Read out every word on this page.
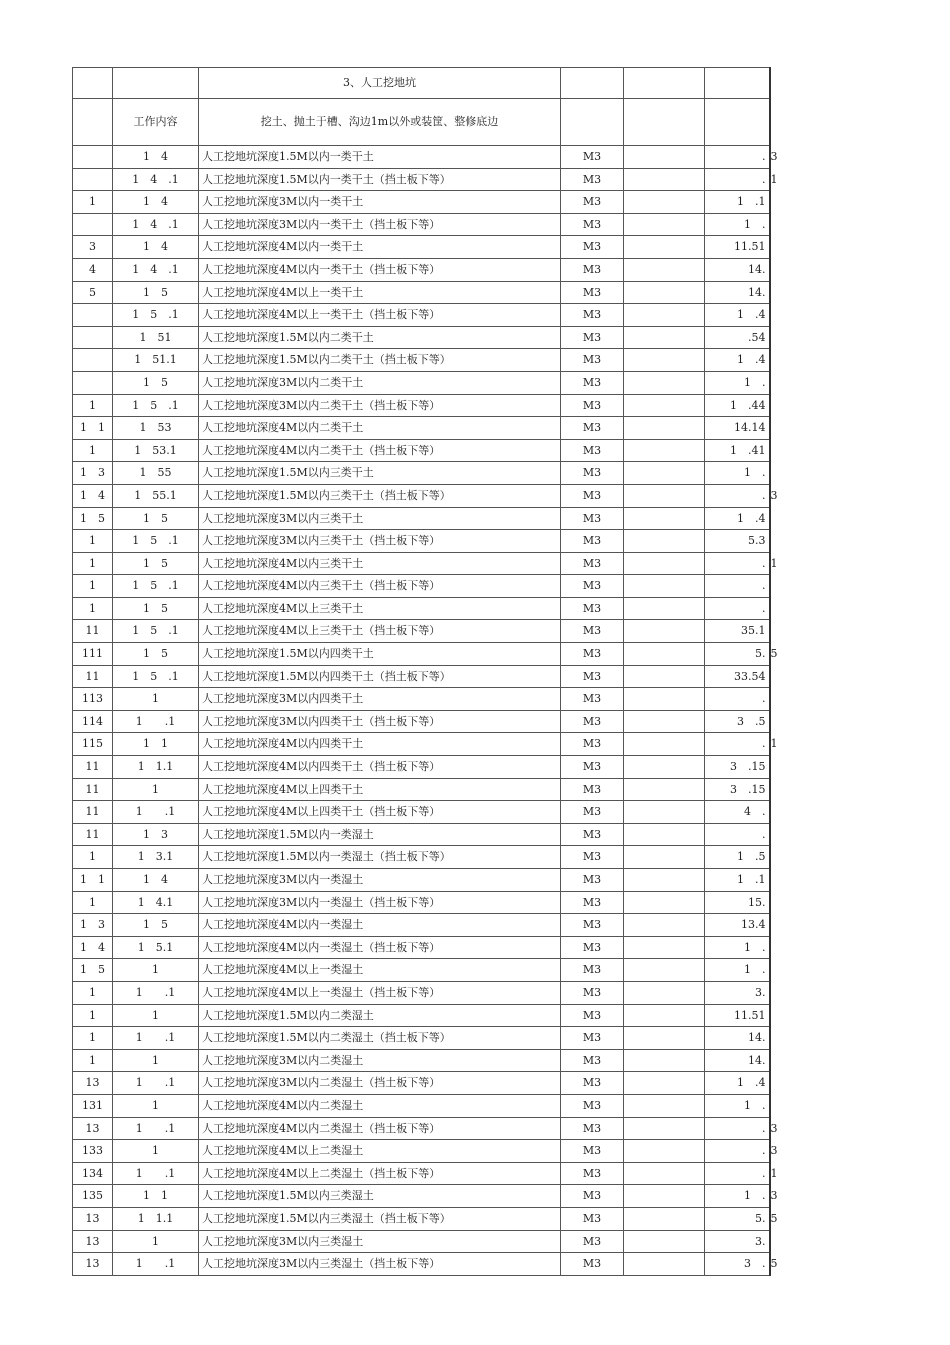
		3、人工挖地坑			
	工作内容	挖土、抛土于槽、沟边1m以外或装筐、整修底边			
	1　4	人工挖地坑深度1.5M以内一类干土	M3		. 3

	1　4　.1	人工挖地坑深度1.5M以内一类干土（挡土板下等）	M3		. 1

1	1　4	人工挖地坑深度3M以内一类干土	M3		1　.1

	1　4　.1	人工挖地坑深度3M以内一类干土（挡土板下等）	M3		1　.

3	1　4	人工挖地坑深度4M以内一类干土	M3		11.51

4	1　4　.1	人工挖地坑深度4M以内一类干土（挡土板下等）	M3		14.

5	1　5	人工挖地坑深度4M以上一类干土	M3		14.

	1　5　.1	人工挖地坑深度4M以上一类干土（挡土板下等）	M3		1　.4

	1　51	人工挖地坑深度1.5M以内二类干土	M3		.54

	1　51.1	人工挖地坑深度1.5M以内二类干土（挡土板下等）	M3		1　.4

	1　5	人工挖地坑深度3M以内二类干土	M3		1　.

1	1　5　.1	人工挖地坑深度3M以内二类干土（挡土板下等）	M3		1　.44

1　1	1　53	人工挖地坑深度4M以内二类干土	M3		14.14

1	1　53.1	人工挖地坑深度4M以内二类干土（挡土板下等）	M3		1　.41

1　3	1　55	人工挖地坑深度1.5M以内三类干土	M3		1　.

1　4	1　55.1	人工挖地坑深度1.5M以内三类干土（挡土板下等）	M3		. 3

1　5	1　5	人工挖地坑深度3M以内三类干土	M3		1　.4

1	1　5　.1	人工挖地坑深度3M以内三类干土（挡土板下等）	M3		5.3

1	1　5	人工挖地坑深度4M以内三类干土	M3		. 1

1	1　5　.1	人工挖地坑深度4M以内三类干土（挡土板下等）	M3		.

1	1　5	人工挖地坑深度4M以上三类干土	M3		.

11	1　5　.1	人工挖地坑深度4M以上三类干土（挡土板下等）	M3		35.1

111	1　5	人工挖地坑深度1.5M以内四类干土	M3		5. 5

11	1　5　.1	人工挖地坑深度1.5M以内四类干土（挡土板下等）	M3		33.54

113	1	人工挖地坑深度3M以内四类干土	M3		.

114	1　　.1	人工挖地坑深度3M以内四类干土（挡土板下等）	M3		3　.5

115	1　1	人工挖地坑深度4M以内四类干土	M3		. 1

11	1　1.1	人工挖地坑深度4M以内四类干土（挡土板下等）	M3		3　.15

11	1	人工挖地坑深度4M以上四类干土	M3		3　.15

11	1　　.1	人工挖地坑深度4M以上四类干土（挡土板下等）	M3		4　.

11	1　3	人工挖地坑深度1.5M以内一类湿土	M3		.

1	1　3.1	人工挖地坑深度1.5M以内一类湿土（挡土板下等）	M3		1　.5

1　1	1　4	人工挖地坑深度3M以内一类湿土	M3		1　.1

1	1　4.1	人工挖地坑深度3M以内一类湿土（挡土板下等）	M3		15.

1　3	1　5	人工挖地坑深度4M以内一类湿土	M3		13.4

1　4	1　5.1	人工挖地坑深度4M以内一类湿土（挡土板下等）	M3		1　.

1　5	1	人工挖地坑深度4M以上一类湿土	M3		1　.

1	1　　.1	人工挖地坑深度4M以上一类湿土（挡土板下等）	M3		3.

1	1	人工挖地坑深度1.5M以内二类湿土	M3		11.51

1	1　　.1	人工挖地坑深度1.5M以内二类湿土（挡土板下等）	M3		14.

1	1	人工挖地坑深度3M以内二类湿土	M3		14.

13	1　　.1	人工挖地坑深度3M以内二类湿土（挡土板下等）	M3		1　.4

131	1	人工挖地坑深度4M以内二类湿土	M3		1　.

13	1　　.1	人工挖地坑深度4M以内二类湿土（挡土板下等）	M3		. 3

133	1	人工挖地坑深度4M以上二类湿土	M3		. 3

134	1　　.1	人工挖地坑深度4M以上二类湿土（挡土板下等）	M3		. 1

135	1　1	人工挖地坑深度1.5M以内三类湿土	M3		1　. 3

13	1　1.1	人工挖地坑深度1.5M以内三类湿土（挡土板下等）	M3		5. 5

13	1	人工挖地坑深度3M以内三类湿土	M3		3.

13	1　　.1	人工挖地坑深度3M以内三类湿土（挡土板下等）	M3		3　. 5
